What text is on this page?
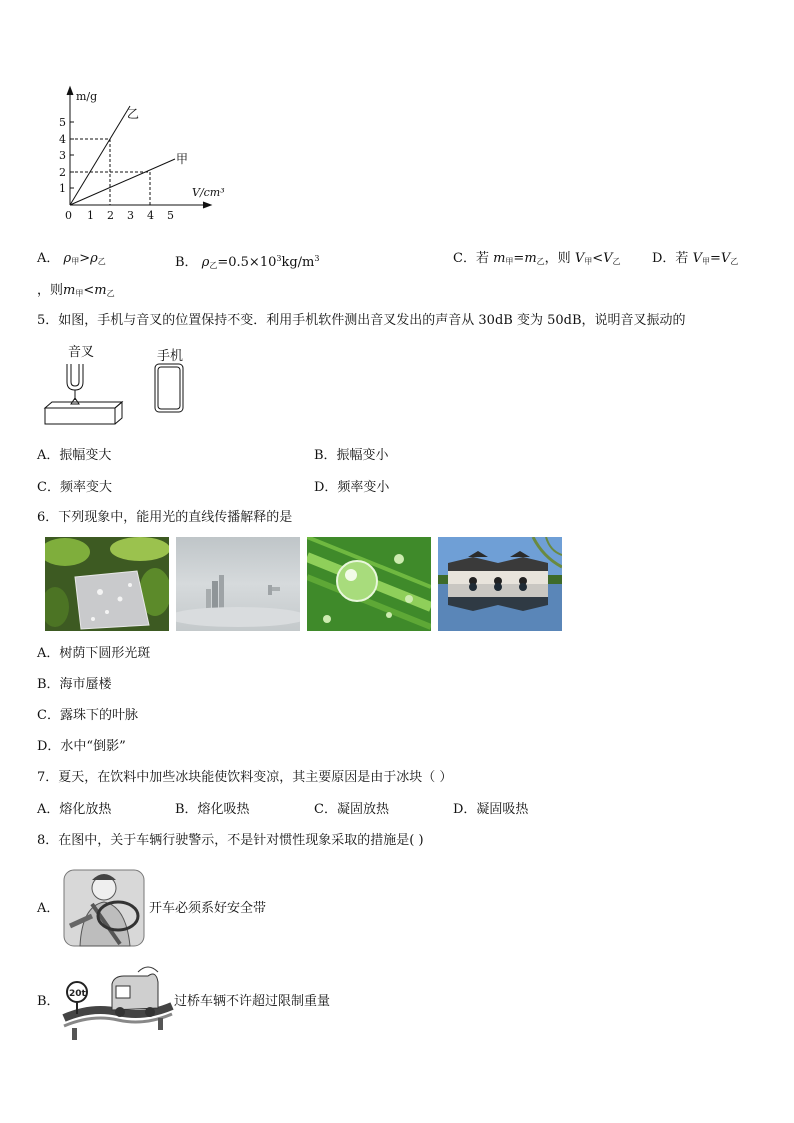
m/g
V/cm³
0
1
2
3
4
5
1 2 3 4 5
乙
甲
A． $\rho_甲>\rho_乙$	B． $\rho_乙=0.5\times 10^3kg/m^3$	C．若 $m_甲=m_乙$，则 $V_甲<V_乙$ D．若 $V_甲=V_乙$
，则$m_甲<m_乙$
5．如图，手机与音叉的位置保持不变．利用手机软件测出音叉发出的声音从 30dB 变为 50dB，说明音叉振动的
音叉	手机
A．振幅变大	B．振幅变小
C．频率变大	D．频率变小
6．下列现象中，能用光的直线传播解释的是
A．树荫下圆形光斑
B．海市蜃楼
C．露珠下的叶脉
D．水中“倒影”
7．夏天，在饮料中加些冰块能使饮料变凉，其主要原因是由于冰块（ ）
A．熔化放热	B．熔化吸热	C．凝固放热	D．凝固吸热
8．在图中，关于车辆行驶警示，不是针对惯性现象采取的措施是( )
A．	开车必须系好安全带
B． 20t	过桥车辆不许超过限制重量
